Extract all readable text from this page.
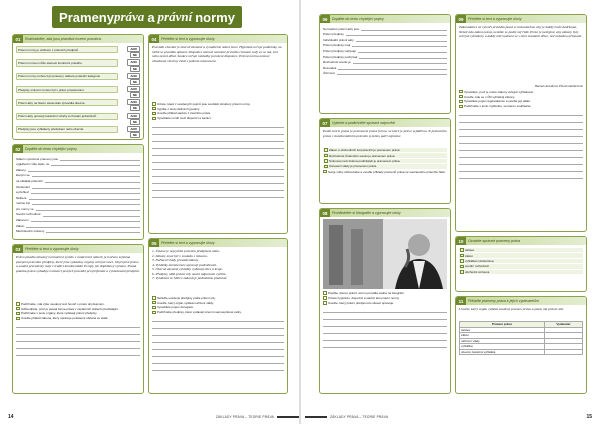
Prameny práva a právní normy
01	Rozhodněte, zda jsou pravdivá tvrzení pravdivá.
Právní normy je většinou z právních předpisů.	ANONE
Právní normou může stanovit konkrétní pravidlo.	ANONE
Právní normy mohou být upraveny některé poslední kategorie.	ANONE
Předpisy smluvní mohou být v právo prosazování.	ANONE
Právní akty na hlavní stanovisku zpravidla obecné.	ANONE
Právní akty upravují konkrétní vztahy a chování jednotlivců.	ANONE
Předpisy jsou vyhlášeny předpisem nebo obecně.	ANONE
02	Doplňte do textu chybějící pojmy
Státem vytvořené prameny jsou
vyjádřením vůle státu, ve
Zákony
kterými se
na základě právních
Oprávnění
a přehled
Některé
mohou být
pro normy ve
Soudní rozhodnutí
Zákonem
Zákon
Mezinárodní smlouvy
03	Přečtěte si text a vypracujte úkoly

Právo jakožto závazný normativní systém v moderních státech je tvořeno zejména psanými právními předpisy, které jsou vydávány orgány veřejné moci. Obyčejové právo a soudní precedenty mají v tradici kontinentální Evropy jen doplňkový význam. Psaná podoba práva vyžaduje existenci jasných pravidel pro přijímání a vyhlašování předpisů.

Podtrhněte, zda výše uvedený text hovoří o právu obyčejovém.
Odůvodněte, proč je psaná forma práva v moderních státech převládající.
Podtrhněte v textu orgány, které vydávají právní předpisy.
Uveďte příklad zákona, který upravuje postavení občana ve státě.
04	Přečtěte si text a vypracujte úkoly

Pravidlo chování je obecně závazné a vynutitelné státní mocí. Hypotéza určuje podmínky, za nichž se pravidlo uplatní. Dispozice stanoví samotné pravidlo chování, tedy co se má, smí nebo nesmí dělat. Sankce určuje následky porušení dispozice. Právní norma nemusí obsahovat všechny části v jednom ustanovení.

Určete, které z uvedených pojmů jsou součástí struktury právní normy.
Vypište z textu definici hypotézy.
Uveďte příklad sankce z trestního práva.
Vysvětlete rozdíl mezi dispozicí a sankcí.
05	Přečtěte si text a vypracujte úkoly
1. Ústava je nejvyšším právním předpisem státu.
2. Zákony musí být v souladu s ústavou.
3. Nařízení vlády provádí zákony.
4. Vyhlášky ministerstev upravují podrobnosti.
5. Obecně závazné vyhlášky vydávají obce a kraje.
6. Předpisy nižší právní síly nesmí odporovat vyšším.
7. Vyhlášení ve Sbírce zákonů je podmínkou platnosti.
Seřaďte uvedené předpisy podle právní síly.
Uveďte, který orgán vydává nařízení vlády.
Vysvětlete pojem derogace.
Podtrhněte předpisy, které vydávají územní samosprávné celky.
14	ZÁKLADY PRÁVA – TEORIE PRÁVA
06	Doplňte do textu chybějící pojmy
Normativní právní akty jsou
Právní předpisy
Individuální právní akty
Právní předpisy mají
Právní předpisy nabývají
Právní předpisy pozbývají
Rozhodnutí soudu je
Rozsudek
Účinnost
07	Vyberte a podtrhněte správné odpovědi

Podle teorie práva je pramenem práva forma, ve které je právo vyjádřeno. K pramenům práva v kontinentálním právním systému patří zejména:

Zákon o obchodních korporacích je pramenem práva.
Rozhodnutí Ústavního soudu je pramenem práva.
Smlouva mezi dvěma podnikateli je pramenem práva.
Usnesení vlády je pramenem práva.
Svoje volby zdůvodněte a uveďte příklady pramenů práva ze současného právního řádu.
08	Prohlédněte si fotografie a vypracujte úkoly
Popište, kterou právní normu porušila osoba na fotografii.
Určete hypotézu, dispozici a sankci této právní normy.
Uveďte, který právní předpis tuto situaci upravuje.
09	Přečtěte si text a vypracujte úkoly

Zákonodárce ať vytvoří pravidla jasná a srozumitelná, aby je každý mohl dodržovat. Neboť kdo zákon nezná, nemůže se podle něj řídit. Proto je nezbytné, aby zákony byly veřejně vyhlášeny a každý měl možnost se s nimi seznámit dříve, než nabudou účinnosti.

Hannah Arendtová, Původ totalitarismu

Vysvětlete, proč je nutné zákony veřejně vyhlašovat.
Uveďte, kde se v ČR vyhlašují zákony.
Vysvětlete pojem legisvakance a uveďte její délku.
Podtrhněte v textu myšlenku, se kterou souhlasíte.
10	Označte správné prameny práva
ústava
zákon
vyhláška ministerstva
soudní rozhodnutí
obchodní smlouva
11	Přiřaďte prameny práva k jejich vydavatelům

Uveďte, který orgán vydává uvedený pramen práva a jakou má právní sílu.

Pramen práva	Vydavatel
ústava	
zákon	
nařízení vlády	
vyhláška	
obecně závazná vyhláška	
ZÁKLADY PRÁVA – TEORIE PRÁVA	15
